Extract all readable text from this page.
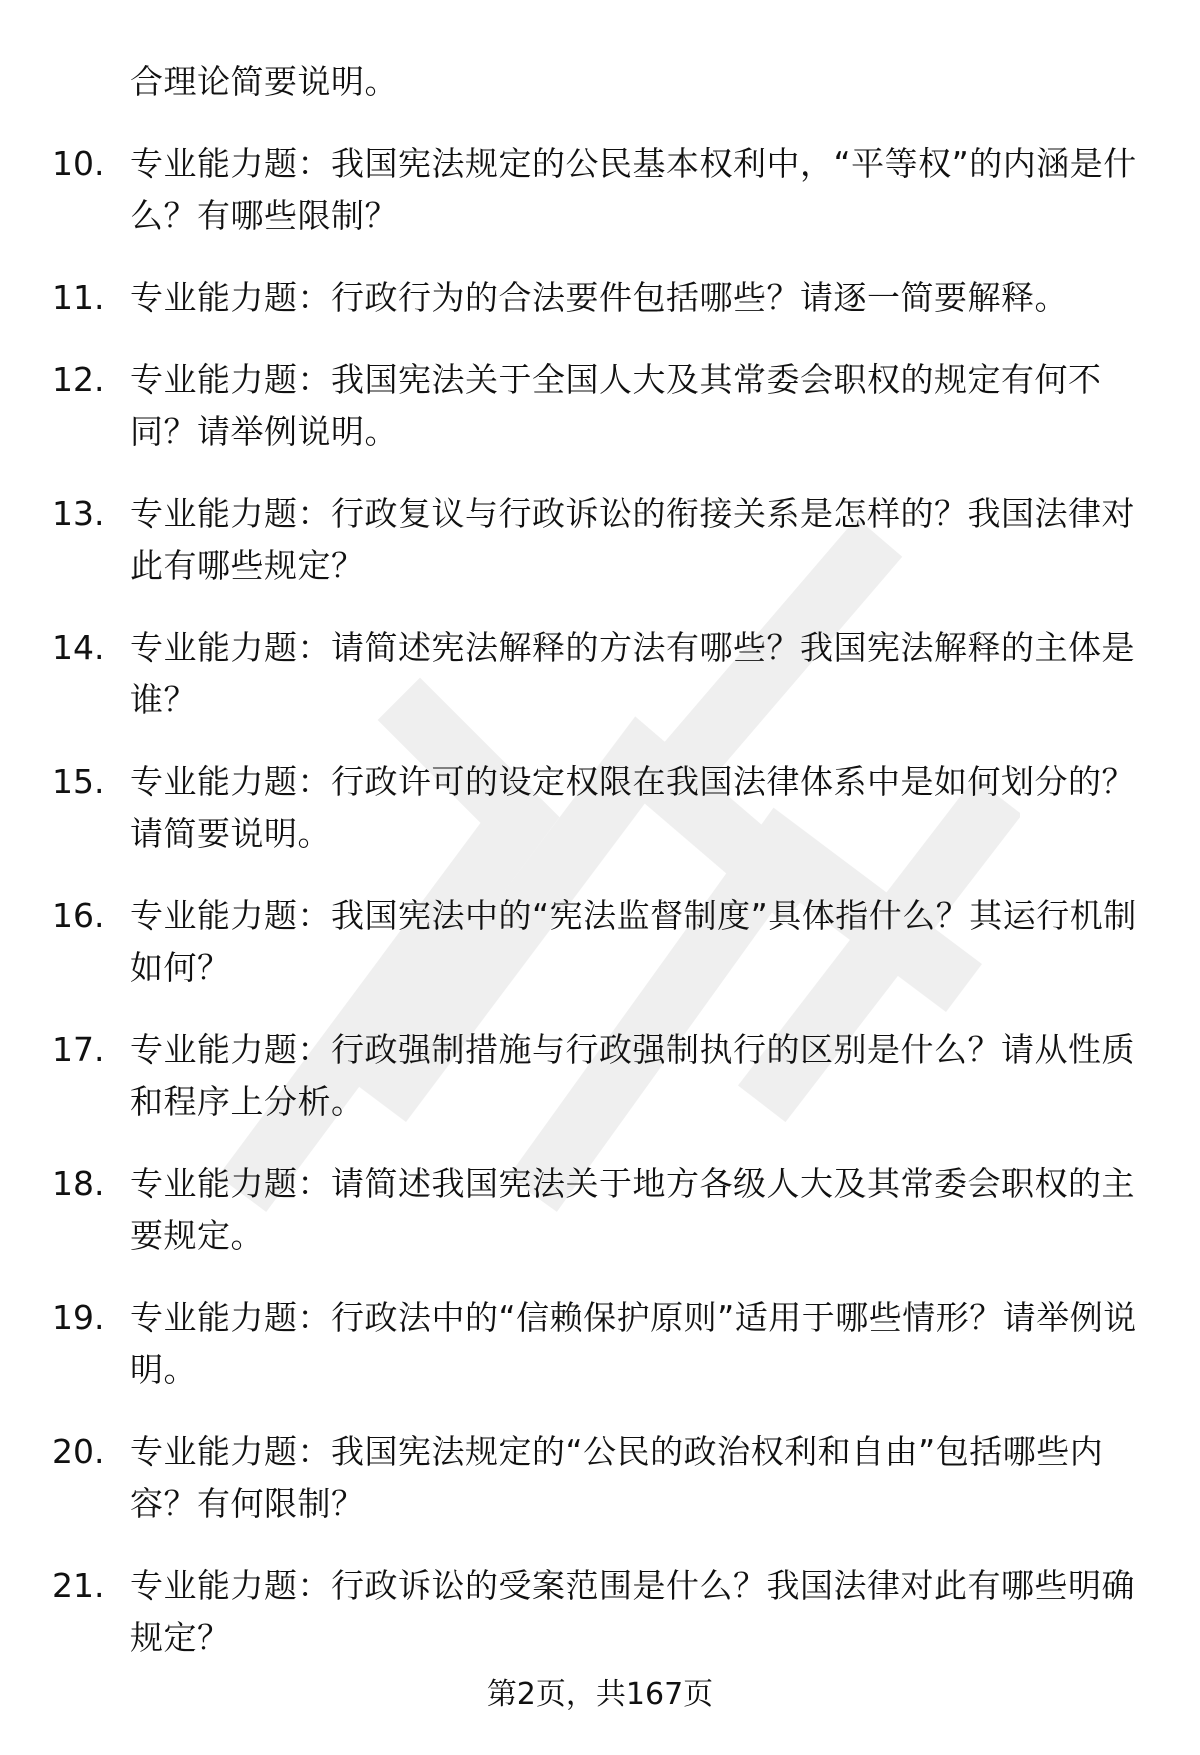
合理论简要说明。
10. 专业能力题：我国宪法规定的公民基本权利中，“平等权”的内涵是什么？有哪些限制？
11. 专业能力题：行政行为的合法要件包括哪些？请逐一简要解释。
12. 专业能力题：我国宪法关于全国人大及其常委会职权的规定有何不同？请举例说明。
13. 专业能力题：行政复议与行政诉讼的衔接关系是怎样的？我国法律对此有哪些规定？
14. 专业能力题：请简述宪法解释的方法有哪些？我国宪法解释的主体是谁？
15. 专业能力题：行政许可的设定权限在我国法律体系中是如何划分的？请简要说明。
16. 专业能力题：我国宪法中的“宪法监督制度”具体指什么？其运行机制如何？
17. 专业能力题：行政强制措施与行政强制执行的区别是什么？请从性质和程序上分析。
18. 专业能力题：请简述我国宪法关于地方各级人大及其常委会职权的主要规定。
19. 专业能力题：行政法中的“信赖保护原则”适用于哪些情形？请举例说明。
20. 专业能力题：我国宪法规定的“公民的政治权利和自由”包括哪些内容？有何限制？
21. 专业能力题：行政诉讼的受案范围是什么？我国法律对此有哪些明确规定？
第2页，共167页
